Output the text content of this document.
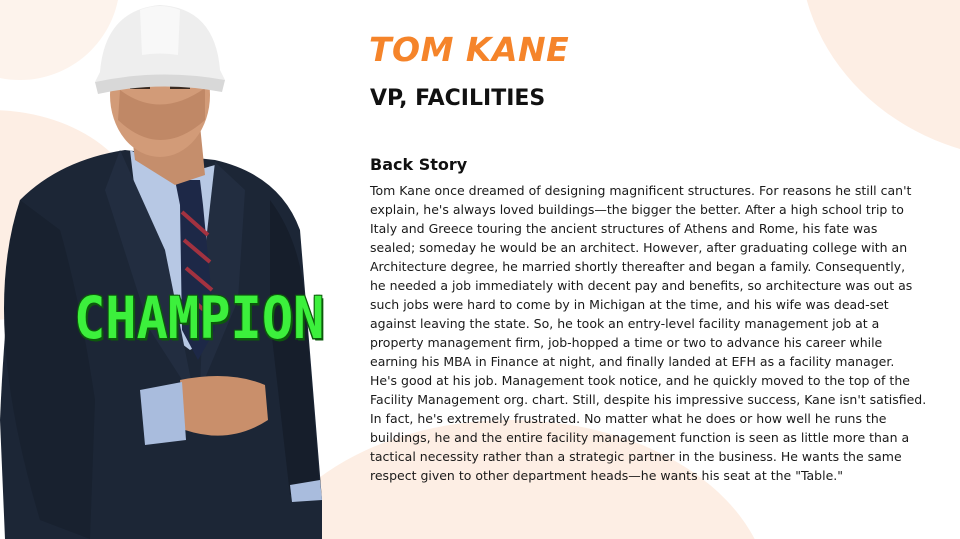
CHAMPION
TOM KANE
VP, FACILITIES
Back Story
Tom Kane once dreamed of designing magnificent structures. For reasons he still can't
explain, he's always loved buildings—the bigger the better. After a high school trip to
Italy and Greece touring the ancient structures of Athens and Rome, his fate was
sealed; someday he would be an architect. However, after graduating college with an
Architecture degree, he married shortly thereafter and began a family. Consequently,
he needed a job immediately with decent pay and benefits, so architecture was out as
such jobs were hard to come by in Michigan at the time, and his wife was dead-set
against leaving the state. So, he took an entry-level facility management job at a
property management firm, job-hopped a time or two to advance his career while
earning his MBA in Finance at night, and finally landed at EFH as a facility manager.
He's good at his job. Management took notice, and he quickly moved to the top of the
Facility Management org. chart. Still, despite his impressive success, Kane isn't satisfied.
In fact, he's extremely frustrated. No matter what he does or how well he runs the
buildings, he and the entire facility management function is seen as little more than a
tactical necessity rather than a strategic partner in the business. He wants the same
respect given to other department heads—he wants his seat at the "Table."
